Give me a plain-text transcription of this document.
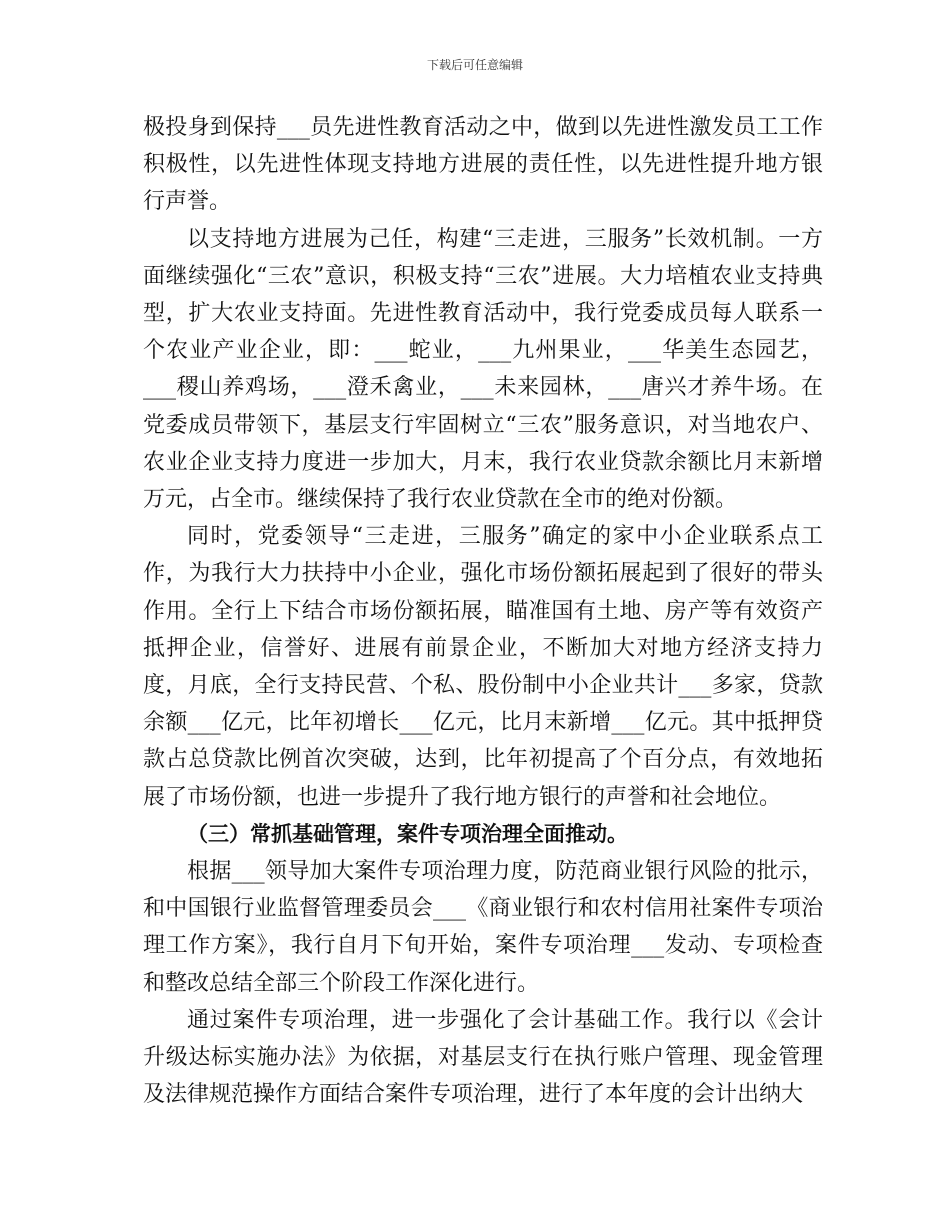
下载后可任意编辑

极投身到保持___员先进性教育活动之中，做到以先进性激发员工工作积极性，以先进性体现支持地方进展的责任性，以先进性提升地方银行声誉。

以支持地方进展为己任，构建“三走进，三服务”长效机制。一方面继续强化“三农”意识，积极支持“三农”进展。大力培植农业支持典型，扩大农业支持面。先进性教育活动中，我行党委成员每人联系一个农业产业企业，即：___蛇业，___九州果业，___华美生态园艺，___稷山养鸡场，___澄禾禽业，___未来园林，___唐兴才养牛场。在党委成员带领下，基层支行牢固树立“三农”服务意识，对当地农户、农业企业支持力度进一步加大，月末，我行农业贷款余额比月末新增万元，占全市。继续保持了我行农业贷款在全市的绝对份额。

同时，党委领导“三走进，三服务”确定的家中小企业联系点工作，为我行大力扶持中小企业，强化市场份额拓展起到了很好的带头作用。全行上下结合市场份额拓展，瞄准国有土地、房产等有效资产抵押企业，信誉好、进展有前景企业，不断加大对地方经济支持力度，月底，全行支持民营、个私、股份制中小企业共计___多家，贷款余额___亿元，比年初增长___亿元，比月末新增___亿元。其中抵押贷款占总贷款比例首次突破，达到，比年初提高了个百分点，有效地拓展了市场份额，也进一步提升了我行地方银行的声誉和社会地位。

（三）常抓基础管理，案件专项治理全面推动。

根据___领导加大案件专项治理力度，防范商业银行风险的批示，和中国银行业监督管理委员会___《商业银行和农村信用社案件专项治理工作方案》，我行自月下旬开始，案件专项治理___发动、专项检查和整改总结全部三个阶段工作深化进行。

通过案件专项治理，进一步强化了会计基础工作。我行以《会计升级达标实施办法》为依据，对基层支行在执行账户管理、现金管理及法律规范操作方面结合案件专项治理，进行了本年度的会计出纳大
